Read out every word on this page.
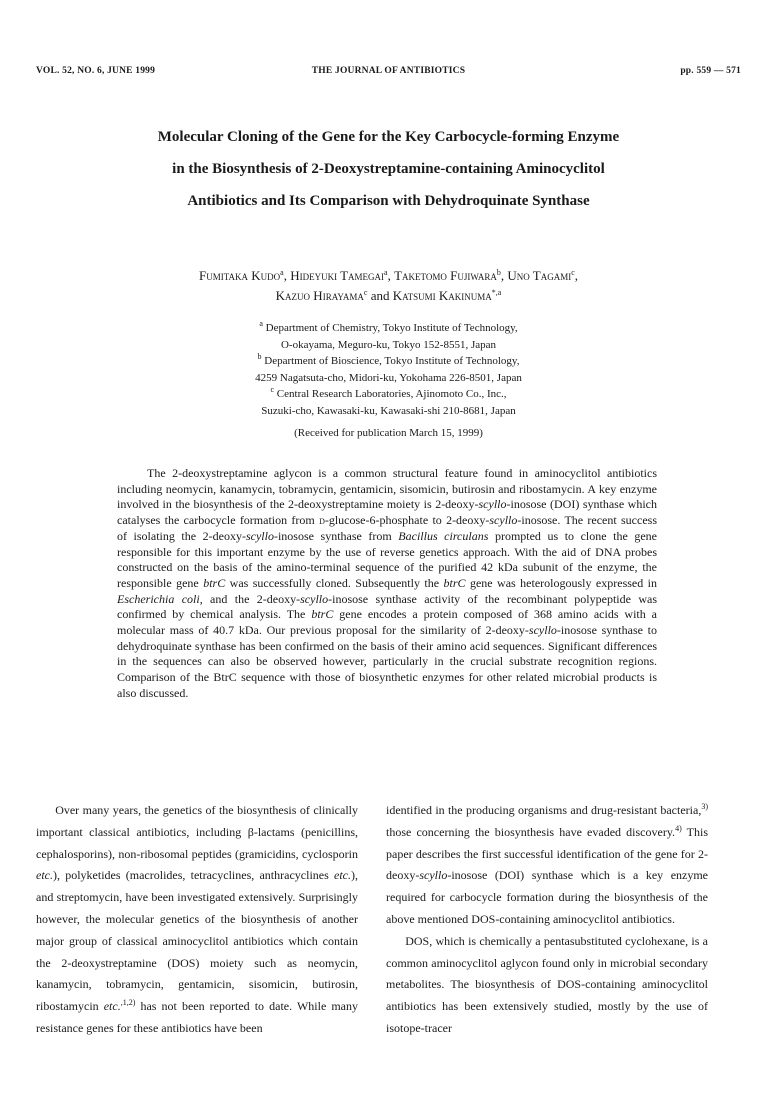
VOL. 52, NO. 6, JUNE 1999	THE JOURNAL OF ANTIBIOTICS	pp. 559 — 571
Molecular Cloning of the Gene for the Key Carbocycle-forming Enzyme
in the Biosynthesis of 2-Deoxystreptamine-containing Aminocyclitol
Antibiotics and Its Comparison with Dehydroquinate Synthase
Fumitaka Kudo$^a$, Hideyuki Tamegai$^a$, Taketomo Fujiwara$^b$, Uno Tagami$^c$,
Kazuo Hirayama$^c$ and Katsumi Kakinuma$^{*,a}$
$^a$ Department of Chemistry, Tokyo Institute of Technology,
O-okayama, Meguro-ku, Tokyo 152-8551, Japan
$^b$ Department of Bioscience, Tokyo Institute of Technology,
4259 Nagatsuta-cho, Midori-ku, Yokohama 226-8501, Japan
$^c$ Central Research Laboratories, Ajinomoto Co., Inc.,
Suzuki-cho, Kawasaki-ku, Kawasaki-shi 210-8681, Japan
(Received for publication March 15, 1999)

The 2-deoxystreptamine aglycon is a common structural feature found in aminocyclitol antibiotics including neomycin, kanamycin, tobramycin, gentamicin, sisomicin, butirosin and ribostamycin. A key enzyme involved in the biosynthesis of the 2-deoxystreptamine moiety is 2-deoxy-scyllo-inosose (DOI) synthase which catalyses the carbocycle formation from d-glucose-6-phosphate to 2-deoxy-scyllo-inosose. The recent success of isolating the 2-deoxy-scyllo-inosose synthase from Bacillus circulans prompted us to clone the gene responsible for this important enzyme by the use of reverse genetics approach. With the aid of DNA probes constructed on the basis of the amino-terminal sequence of the purified 42 kDa subunit of the enzyme, the responsible gene btrC was successfully cloned. Subsequently the btrC gene was heterologously expressed in Escherichia coli, and the 2-deoxy-scyllo-inosose synthase activity of the recombinant polypeptide was confirmed by chemical analysis. The btrC gene encodes a protein composed of 368 amino acids with a molecular mass of 40.7 kDa. Our previous proposal for the similarity of 2-deoxy-scyllo-inosose synthase to dehydroquinate synthase has been confirmed on the basis of their amino acid sequences. Significant differences in the sequences can also be observed however, particularly in the crucial substrate recognition regions. Comparison of the BtrC sequence with those of biosynthetic enzymes for other related microbial products is also discussed.

Over many years, the genetics of the biosynthesis of clinically important classical antibiotics, including β-lactams (penicillins, cephalosporins), non-ribosomal peptides (gramicidins, cyclosporin etc.), polyketides (macrolides, tetracyclines, anthracyclines etc.), and streptomycin, have been investigated extensively. Surprisingly however, the molecular genetics of the biosynthesis of another major group of classical aminocyclitol antibiotics which contain the 2-deoxystreptamine (DOS) moiety such as neomycin, kanamycin, tobramycin, gentamicin, sisomicin, butirosin, ribostamycin etc.$^{,1,2)}$ has not been reported to date. While many resistance genes for these antibiotics have been

identified in the producing organisms and drug-resistant bacteria,$^{3)}$ those concerning the biosynthesis have evaded discovery.$^{4)}$ This paper describes the first successful identification of the gene for 2-deoxy-scyllo-inosose (DOI) synthase which is a key enzyme required for carbocycle formation during the biosynthesis of the above mentioned DOS-containing aminocyclitol antibiotics.

DOS, which is chemically a pentasubstituted cyclohexane, is a common aminocyclitol aglycon found only in microbial secondary metabolites. The biosynthesis of DOS-containing aminocyclitol antibiotics has been extensively studied, mostly by the use of isotope-tracer
